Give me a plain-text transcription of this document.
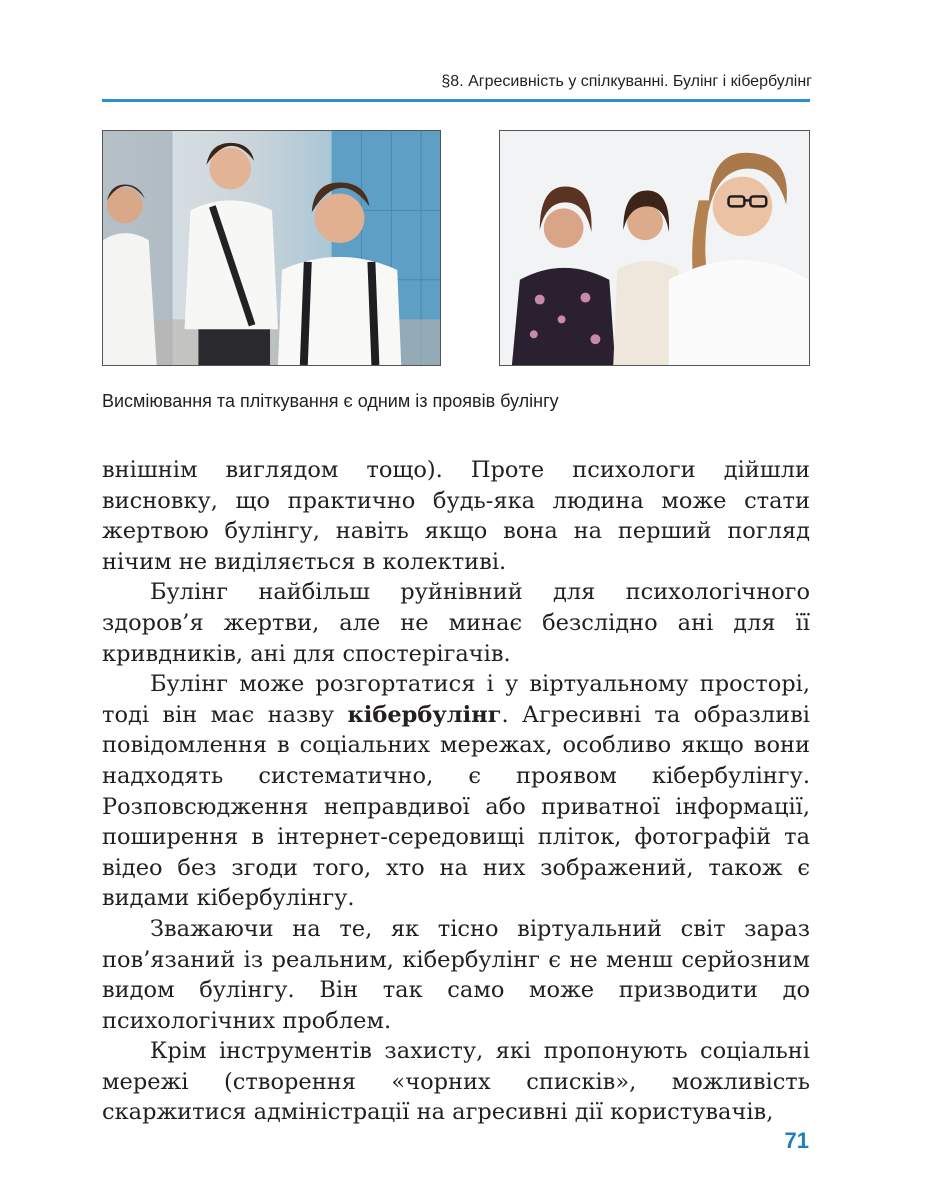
§8. Агресивність у спілкуванні. Булінг і кібербулінг
Висміювання та пліткування є одним із проявів булінгу

внішнім виглядом тощо). Проте психологи дійшли висновку, що практично будь-яка людина може стати жертвою булінгу, навіть якщо вона на перший погляд нічим не виділяється в колективі.

Булінг найбільш руйнівний для психологічного здоров’я жертви, але не минає безслідно ані для її кривдників, ані для спостерігачів.

Булінг може розгортатися і у віртуальному просторі, тоді він має назву кібербулінг. Агресивні та образливі повідомлення в соціальних мережах, особливо якщо вони надходять систематично, є проявом кібербулінгу. Розповсюдження неправдивої або приватної інформації, поширення в інтернет-середовищі пліток, фотографій та відео без згоди того, хто на них зображений, також є видами кібербулінгу.

Зважаючи на те, як тісно віртуальний світ зараз пов’язаний із реальним, кібербулінг є не менш серйозним видом булінгу. Він так само може призводити до психологічних проблем.

Крім інструментів захисту, які пропонують соціальні мережі (створення «чорних списків», можливість скаржитися адміністрації на агресивні дії користувачів,

71
